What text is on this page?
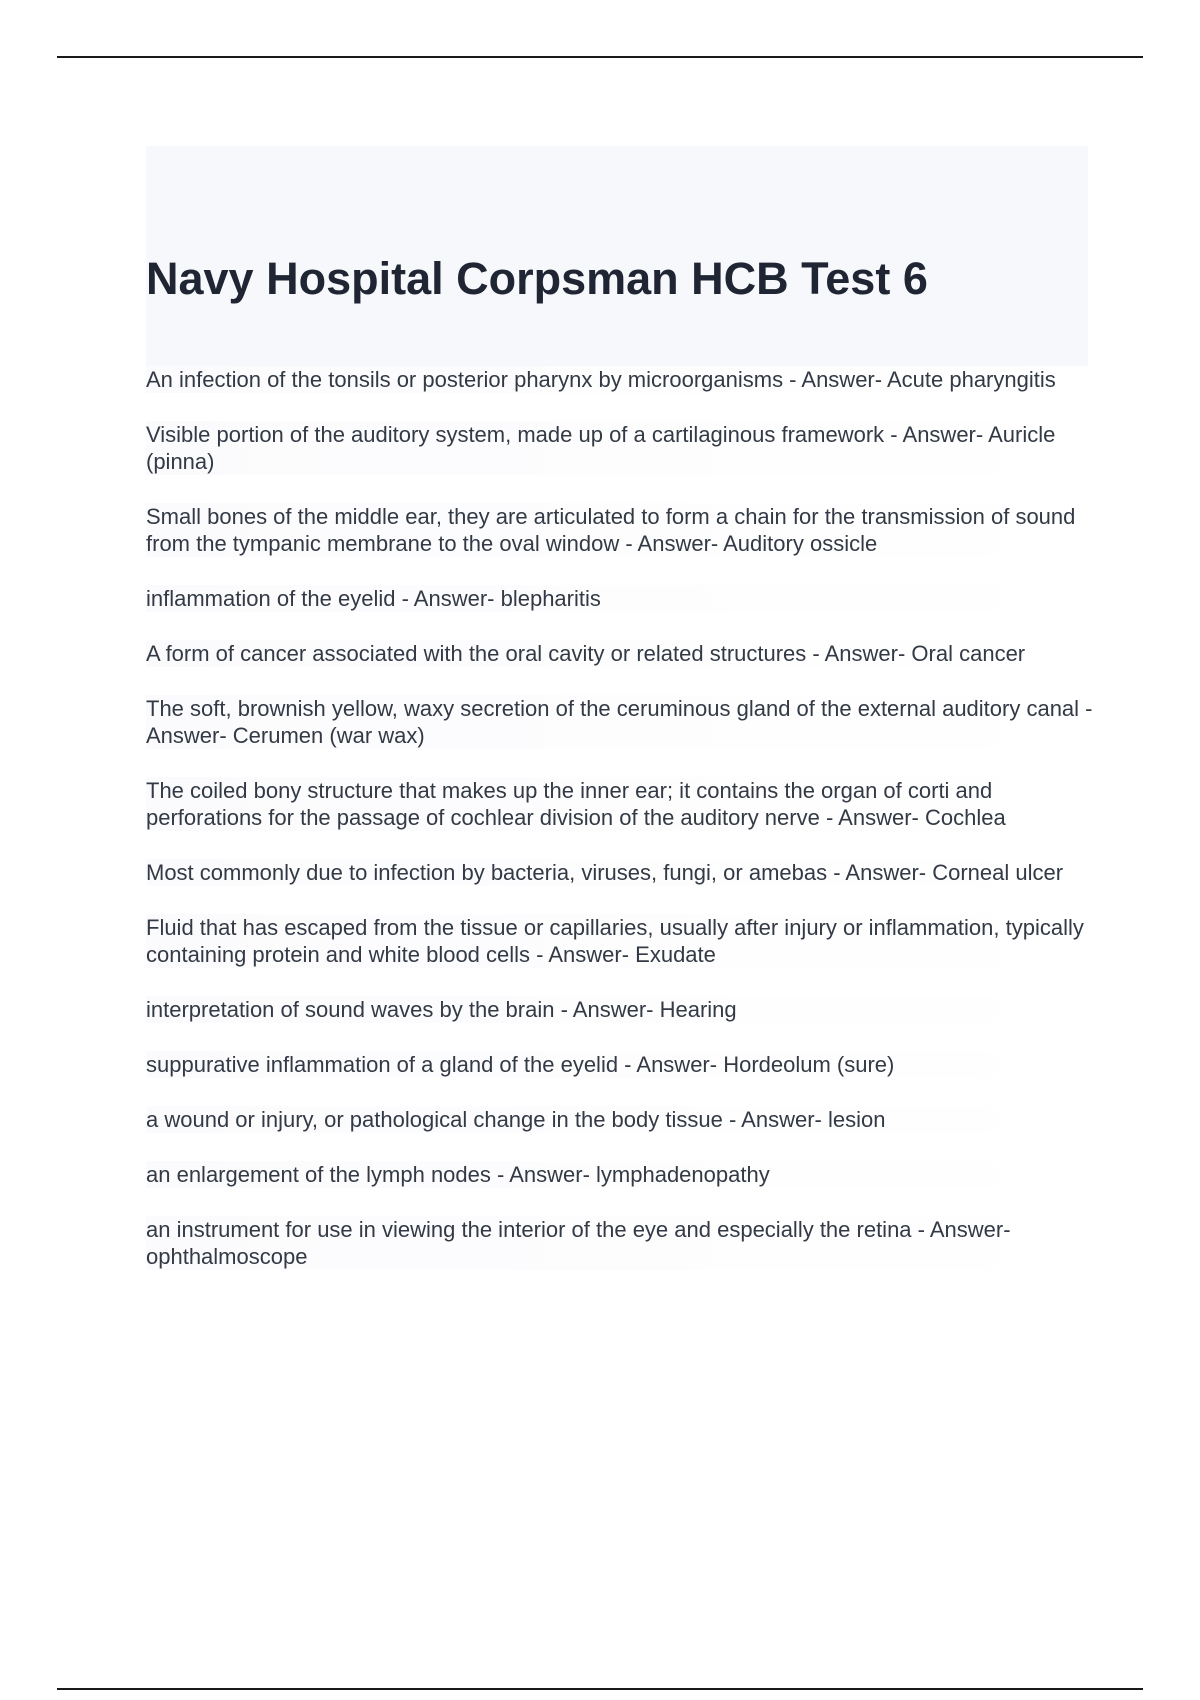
Navy Hospital Corpsman HCB Test 6

An infection of the tonsils or posterior pharynx by microorganisms - Answer- Acute pharyngitis

Visible portion of the auditory system, made up of a cartilaginous framework - Answer- Auricle (pinna)

Small bones of the middle ear, they are articulated to form a chain for the transmission of sound from the tympanic membrane to the oval window - Answer- Auditory ossicle

inflammation of the eyelid - Answer- blepharitis

A form of cancer associated with the oral cavity or related structures - Answer- Oral cancer

The soft, brownish yellow, waxy secretion of the ceruminous gland of the external auditory canal - Answer- Cerumen (war wax)

The coiled bony structure that makes up the inner ear; it contains the organ of corti and perforations for the passage of cochlear division of the auditory nerve - Answer- Cochlea

Most commonly due to infection by bacteria, viruses, fungi, or amebas - Answer- Corneal ulcer

Fluid that has escaped from the tissue or capillaries, usually after injury or inflammation, typically containing protein and white blood cells - Answer- Exudate

interpretation of sound waves by the brain - Answer- Hearing

suppurative inflammation of a gland of the eyelid - Answer- Hordeolum (sure)

a wound or injury, or pathological change in the body tissue - Answer- lesion

an enlargement of the lymph nodes - Answer- lymphadenopathy

an instrument for use in viewing the interior of the eye and especially the retina - Answer- ophthalmoscope
